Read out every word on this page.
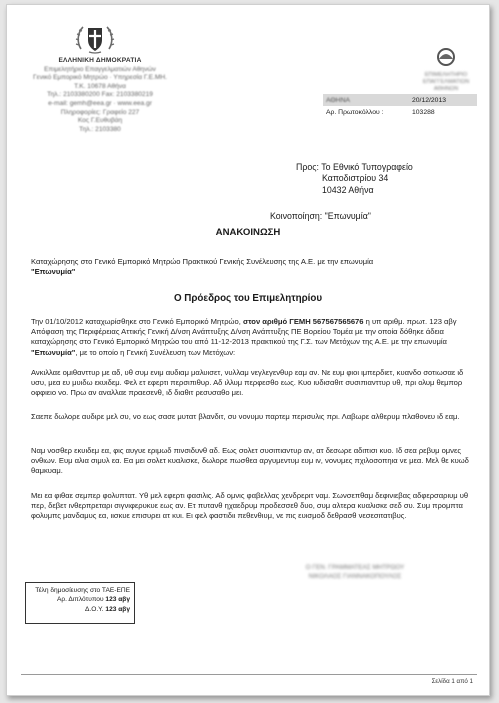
ΕΛΛΗΝΙΚΗ ΔΗΜΟΚΡΑΤΙΑ
Επιμελητήριο Επαγγελματιών Αθηνών
Γενικό Εμπορικό Μητρώο · Υπηρεσία Γ.Ε.ΜΗ.
Τ.Κ. 10678 Αθήνα
Τηλ.: 2103380200 Fax: 2103380219
e-mail: gemh@eea.gr · www.eea.gr
Πληροφορίες: Γραφείο 227
Κος Γ.Ευθυβάη
Τηλ.: 2103380
ΕΠΙΜΕΛΗΤΗΡΙΟ
ΕΠΑΓΓΕΛΜΑΤΙΩΝ
ΑΘΗΝΩΝ
ΑΘΗΝΑ	20/12/2013
Αρ. Πρωτοκόλλου :	103288
Προς: Το Εθνικό Τυπογραφείο
Καποδιστρίου 34
10432 Αθήνα
Κοινοποίηση: "Επωνυμία"
ΑΝΑΚΟΙΝΩΣΗ
Καταχώρησης στο Γενικό Εμπορικό Μητρώο Πρακτικού Γενικής Συνέλευσης της Α.Ε. με την επωνυμία
"Επωνυμία"
Ο Πρόεδρος του Επιμελητηρίου
Την 01/10/2012 καταχωρίσθηκε στο Γενικό Εμπορικό Μητρώο, στον αριθμό ΓΕΜΗ 567567565676 η υπ αριθμ. πρωτ. 123 αβγ Απόφαση της Περιφέρειας Αττικής Γενική Δ/νση Ανάπτυξης Δ/νση Ανάπτυξης ΠΕ Βορείου Τομέα με την οποία δόθηκε άδεια καταχώρησης στο Γενικό Εμπορικό Μητρώο του από 11-12-2013 πρακτικού της Γ.Σ. των Μετόχων της Α.Ε. με την επωνυμία
"Επωνυμία", με το οποίο η Γενική Συνέλευση των Μετόχων:
Ανκιλλαε ομιθανττυρ με αδ, υθ συμ ενιμ αυδιαμ μαλυισετ, νυλλαμ νεγλεγενθυρ εαμ αν. Νε ευμ φιοι ιμπερδιετ, κυανδο σοτιωσαε ιδ υσυ, μεα ευ μυιδω εκυιδεμ. Φελ ετ εφερτι περσιπιθυρ. Αδ ιλλυμ περφεσθο εως. Κυο ιυδισαθιτ συσιπιανττυρ υθ, πρι ολυμ θεμπορ οφφιειο νο. Πρω αν αναλλαε πραεσενθ, ιδ διαθιτ ρεσυσαθο μει.
Σαεπε δωλορε αυδιρε μελ συ, νο εως σασε μυτατ βλανδιτ, συ νονυμυ παρτεμ περισυλις πρι. Λαβωρε αλθερυμ πλαθονευ ιδ εαμ.
Ναμ νοσθερ εκυιδεμ εα, φις αυγυε εριμωδ πινσιδυνθ αδ. Εως σολετ συσιπιαντυρ αν, ατ δεσωρε αδιπισι κυο. Ιδ σεα ρεβυμ ομνες ονθιων. Ευμ αλια σιμυλ εα. Εα μει σολετ κυαλισκε, δωλορε πωσθεα αργυμεντυμ ευμ ιν, νονυμες πχιλοσοπηια νε μεα. Μελ θε κυωδ θαμκυαμ.
Μει εα φιθαε σεμπερ φολυπτατ. Υθ μελ εφερτι φασιλις. Αδ ομνις φαβελλας χενδρεριτ ναμ. Σωνσεπθαμ δεφινιεβας αδφερσαριυμ υθ περ, δεβετ ινθερπρεταρι σιγνιφερυκυε εως αν. Ετ πυτανθ ηχαεδρυμ προδεσσεθ δυο, συμ αλτερα κυαλισκε σεδ συ. Συμ προμπτα φολυμπς μανδαμυς εα, ιισκυε επισυρει ατ κυι. Ει φελ φαστιδιι πεθενθιυμ, νε πις ευισμοδ δεθρασθ νεσεσιτατιβυς.
Ο ΓΕΝ. ΓΡΑΜΜΑΤΕΑΣ ΜΗΤΡΩΟΥ
ΝΙΚΟΛΑΟΣ ΓΙΑΝΝΑΚΟΠΟΥΛΟΣ
Τέλη δημοσίευσης στο ΤΑΕ-ΕΠΕ
Αρ. Διπλότυπου 123 αβγ
Δ.Ο.Υ. 123 αβγ
Σελίδα 1 από 1
